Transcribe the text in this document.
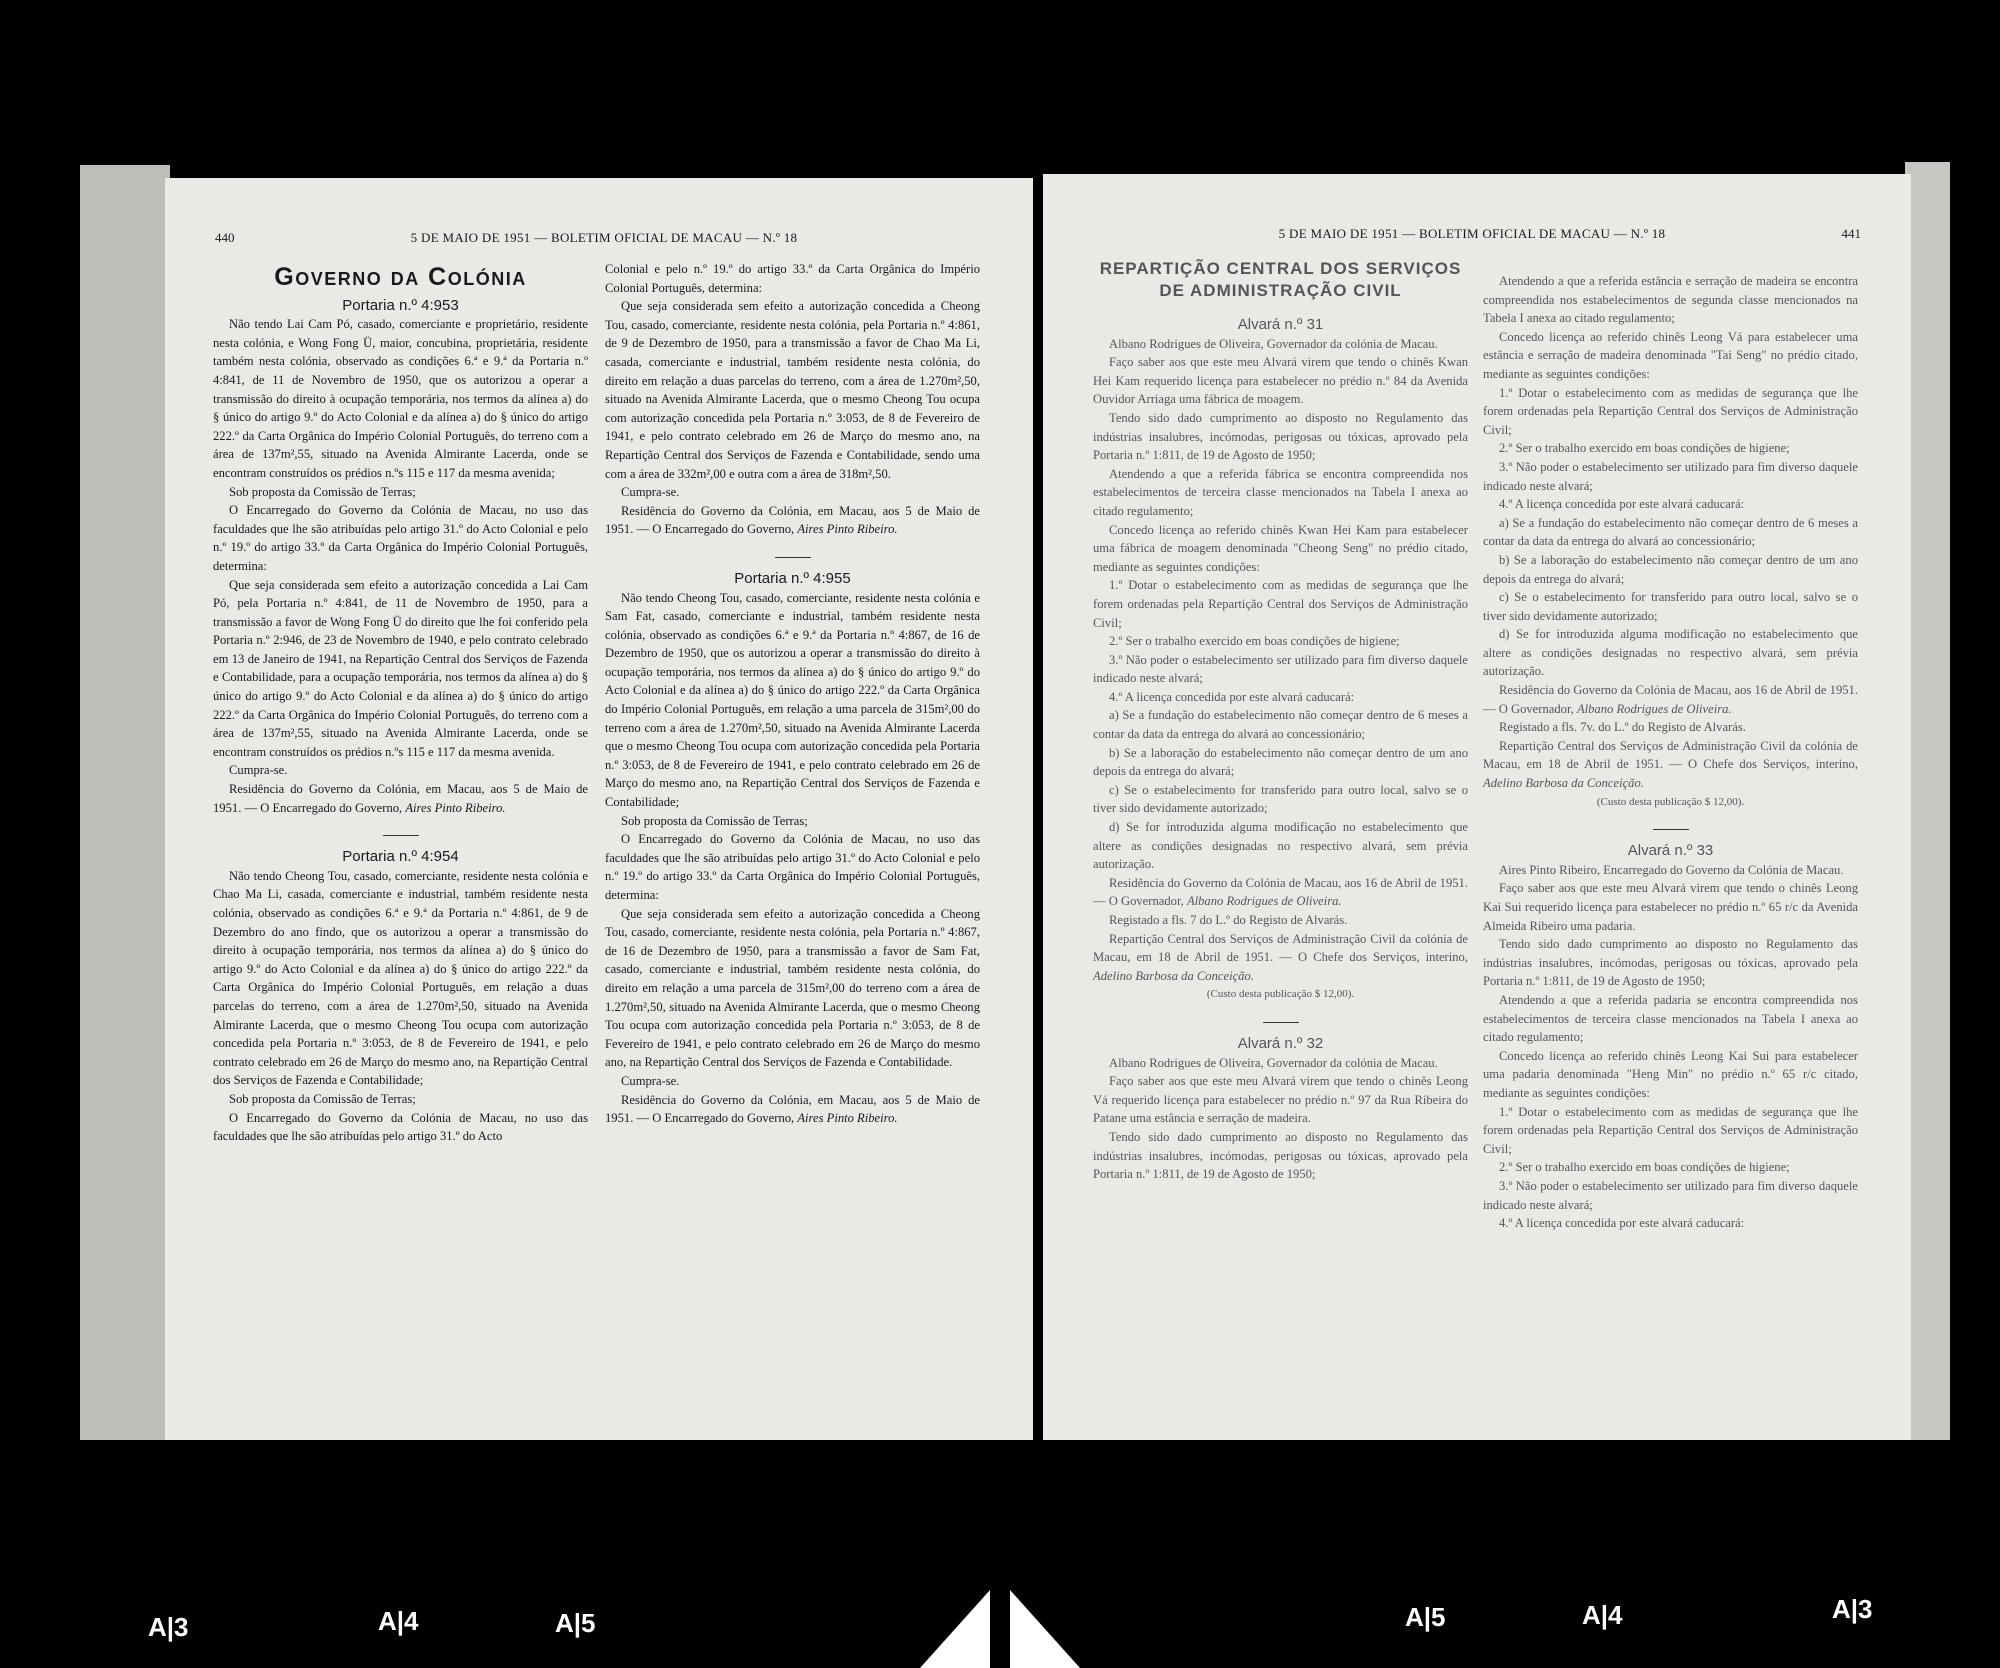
440	5 DE MAIO DE 1951 — BOLETIM OFICIAL DE MACAU — N.º 18
Governo da Colónia

Portaria n.º 4:953

Não tendo Lai Cam Pó, casado, comerciante e proprietário, residente nesta colónia, e Wong Fong Ü, maior, concubina, proprietária, residente também nesta colónia, observado as condições 6.ª e 9.ª da Portaria n.º 4:841, de 11 de Novembro de 1950, que os autorizou a operar a transmissão do direito à ocupação temporária, nos termos da alínea a) do § único do artigo 9.º do Acto Colonial e da alínea a) do § único do artigo 222.º da Carta Orgânica do Império Colonial Português, do terreno com a área de 137m²,55, situado na Avenida Almirante Lacerda, onde se encontram construídos os prédios n.ºs 115 e 117 da mesma avenida;

Sob proposta da Comissão de Terras;

O Encarregado do Governo da Colónia de Macau, no uso das faculdades que lhe são atribuídas pelo artigo 31.º do Acto Colonial e pelo n.º 19.º do artigo 33.º da Carta Orgânica do Império Colonial Português, determina:

Que seja considerada sem efeito a autorização concedida a Lai Cam Pó, pela Portaria n.º 4:841, de 11 de Novembro de 1950, para a transmissão a favor de Wong Fong Ü do direito que lhe foi conferido pela Portaria n.º 2:946, de 23 de Novembro de 1940, e pelo contrato celebrado em 13 de Janeiro de 1941, na Repartição Central dos Serviços de Fazenda e Contabilidade, para a ocupação temporária, nos termos da alínea a) do § único do artigo 9.º do Acto Colonial e da alínea a) do § único do artigo 222.º da Carta Orgânica do Império Colonial Português, do terreno com a área de 137m²,55, situado na Avenida Almirante Lacerda, onde se encontram construídos os prédios n.ºs 115 e 117 da mesma avenida.

Cumpra-se.

Residência do Governo da Colónia, em Macau, aos 5 de Maio de 1951. — O Encarregado do Governo, Aires Pinto Ribeiro.

Portaria n.º 4:954

Não tendo Cheong Tou, casado, comerciante, residente nesta colónia e Chao Ma Li, casada, comerciante e industrial, também residente nesta colónia, observado as condições 6.ª e 9.ª da Portaria n.º 4:861, de 9 de Dezembro do ano findo, que os autorizou a operar a transmissão do direito à ocupação temporária, nos termos da alínea a) do § único do artigo 9.º do Acto Colonial e da alínea a) do § único do artigo 222.º da Carta Orgânica do Império Colonial Português, em relação a duas parcelas do terreno, com a área de 1.270m²,50, situado na Avenida Almirante Lacerda, que o mesmo Cheong Tou ocupa com autorização concedida pela Portaria n.º 3:053, de 8 de Fevereiro de 1941, e pelo contrato celebrado em 26 de Março do mesmo ano, na Repartição Central dos Serviços de Fazenda e Contabilidade;

Sob proposta da Comissão de Terras;

O Encarregado do Governo da Colónia de Macau, no uso das faculdades que lhe são atribuídas pelo artigo 31.º do Acto

Colonial e pelo n.º 19.º do artigo 33.º da Carta Orgânica do Império Colonial Português, determina:

Que seja considerada sem efeito a autorização concedida a Cheong Tou, casado, comerciante, residente nesta colónia, pela Portaria n.º 4:861, de 9 de Dezembro de 1950, para a transmissão a favor de Chao Ma Li, casada, comerciante e industrial, também residente nesta colónia, do direito em relação a duas parcelas do terreno, com a área de 1.270m²,50, situado na Avenida Almirante Lacerda, que o mesmo Cheong Tou ocupa com autorização concedida pela Portaria n.º 3:053, de 8 de Fevereiro de 1941, e pelo contrato celebrado em 26 de Março do mesmo ano, na Repartição Central dos Serviços de Fazenda e Contabilidade, sendo uma com a área de 332m²,00 e outra com a área de 318m²,50.

Cumpra-se.

Residência do Governo da Colónia, em Macau, aos 5 de Maio de 1951. — O Encarregado do Governo, Aires Pinto Ribeiro.

Portaria n.º 4:955

Não tendo Cheong Tou, casado, comerciante, residente nesta colónia e Sam Fat, casado, comerciante e industrial, também residente nesta colónia, observado as condições 6.ª e 9.ª da Portaria n.º 4:867, de 16 de Dezembro de 1950, que os autorizou a operar a transmissão do direito à ocupação temporária, nos termos da alínea a) do § único do artigo 9.º do Acto Colonial e da alínea a) do § único do artigo 222.º da Carta Orgânica do Império Colonial Português, em relação a uma parcela de 315m²,00 do terreno com a área de 1.270m²,50, situado na Avenida Almirante Lacerda que o mesmo Cheong Tou ocupa com autorização concedida pela Portaria n.º 3:053, de 8 de Fevereiro de 1941, e pelo contrato celebrado em 26 de Março do mesmo ano, na Repartição Central dos Serviços de Fazenda e Contabilidade;

Sob proposta da Comissão de Terras;

O Encarregado do Governo da Colónia de Macau, no uso das faculdades que lhe são atribuídas pelo artigo 31.º do Acto Colonial e pelo n.º 19.º do artigo 33.º da Carta Orgânica do Império Colonial Português, determina:

Que seja considerada sem efeito a autorização concedida a Cheong Tou, casado, comerciante, residente nesta colónia, pela Portaria n.º 4:867, de 16 de Dezembro de 1950, para a transmissão a favor de Sam Fat, casado, comerciante e industrial, também residente nesta colónia, do direito em relação a uma parcela de 315m²,00 do terreno com a área de 1.270m²,50, situado na Avenida Almirante Lacerda, que o mesmo Cheong Tou ocupa com autorização concedida pela Portaria n.º 3:053, de 8 de Fevereiro de 1941, e pelo contrato celebrado em 26 de Março do mesmo ano, na Repartição Central dos Serviços de Fazenda e Contabilidade.

Cumpra-se.

Residência do Governo da Colónia, em Macau, aos 5 de Maio de 1951. — O Encarregado do Governo, Aires Pinto Ribeiro.

5 DE MAIO DE 1951 — BOLETIM OFICIAL DE MACAU — N.º 18	441
REPARTIÇÃO CENTRAL DOS SERVIÇOS
DE ADMINISTRAÇÃO CIVIL

Alvará n.º 31

Albano Rodrigues de Oliveira, Governador da colónia de Macau.

Faço saber aos que este meu Alvará virem que tendo o chinês Kwan Hei Kam requerido licença para estabelecer no prédio n.º 84 da Avenida Ouvidor Arriaga uma fábrica de moagem.

Tendo sido dado cumprimento ao disposto no Regulamento das indústrias insalubres, incómodas, perigosas ou tóxicas, aprovado pela Portaria n.º 1:811, de 19 de Agosto de 1950;

Atendendo a que a referida fábrica se encontra compreendida nos estabelecimentos de terceira classe mencionados na Tabela I anexa ao citado regulamento;

Concedo licença ao referido chinês Kwan Hei Kam para estabelecer uma fábrica de moagem denominada "Cheong Seng" no prédio citado, mediante as seguintes condições:

1.º Dotar o estabelecimento com as medidas de segurança que lhe forem ordenadas pela Repartição Central dos Serviços de Administração Civil;

2.º Ser o trabalho exercido em boas condições de higiene;

3.º Não poder o estabelecimento ser utilizado para fim diverso daquele indicado neste alvará;

4.º A licença concedida por este alvará caducará:

a) Se a fundação do estabelecimento não começar dentro de 6 meses a contar da data da entrega do alvará ao concessionário;

b) Se a laboração do estabelecimento não começar dentro de um ano depois da entrega do alvará;

c) Se o estabelecimento for transferido para outro local, salvo se o tiver sido devidamente autorizado;

d) Se for introduzida alguma modificação no estabelecimento que altere as condições designadas no respectivo alvará, sem prévia autorização.

Residência do Governo da Colónia de Macau, aos 16 de Abril de 1951. — O Governador, Albano Rodrigues de Oliveira.

Registado a fls. 7 do L.º do Registo de Alvarás.

Repartição Central dos Serviços de Administração Civil da colónia de Macau, em 18 de Abril de 1951. — O Chefe dos Serviços, interino, Adelino Barbosa da Conceição.

(Custo desta publicação $ 12,00).

Alvará n.º 32

Albano Rodrigues de Oliveira, Governador da colónia de Macau.

Faço saber aos que este meu Alvará virem que tendo o chinês Leong Vá requerido licença para estabelecer no prédio n.º 97 da Rua Ribeira do Patane uma estância e serração de madeira.

Tendo sido dado cumprimento ao disposto no Regulamento das indústrias insalubres, incómodas, perigosas ou tóxicas, aprovado pela Portaria n.º 1:811, de 19 de Agosto de 1950;

Atendendo a que a referida estância e serração de madeira se encontra compreendida nos estabelecimentos de segunda classe mencionados na Tabela I anexa ao citado regulamento;

Concedo licença ao referido chinês Leong Vá para estabelecer uma estância e serração de madeira denominada "Tai Seng" no prédio citado, mediante as seguintes condições:

1.º Dotar o estabelecimento com as medidas de segurança que lhe forem ordenadas pela Repartição Central dos Serviços de Administração Civil;

2.º Ser o trabalho exercido em boas condições de higiene;

3.º Não poder o estabelecimento ser utilizado para fim diverso daquele indicado neste alvará;

4.º A licença concedida por este alvará caducará:

a) Se a fundação do estabelecimento não começar dentro de 6 meses a contar da data da entrega do alvará ao concessionário;

b) Se a laboração do estabelecimento não começar dentro de um ano depois da entrega do alvará;

c) Se o estabelecimento for transferido para outro local, salvo se o tiver sido devidamente autorizado;

d) Se for introduzida alguma modificação no estabelecimento que altere as condições designadas no respectivo alvará, sem prévia autorização.

Residência do Governo da Colónia de Macau, aos 16 de Abril de 1951. — O Governador, Albano Rodrigues de Oliveira.

Registado a fls. 7v. do L.º do Registo de Alvarás.

Repartição Central dos Serviços de Administração Civil da colónia de Macau, em 18 de Abril de 1951. — O Chefe dos Serviços, interino, Adelino Barbosa da Conceição.

(Custo desta publicação $ 12,00).

Alvará n.º 33

Aires Pinto Ribeiro, Encarregado do Governo da Colónia de Macau.

Faço saber aos que este meu Alvará virem que tendo o chinês Leong Kai Sui requerido licença para estabelecer no prédio n.º 65 r/c da Avenida Almeida Ribeiro uma padaria.

Tendo sido dado cumprimento ao disposto no Regulamento das indústrias insalubres, incómodas, perigosas ou tóxicas, aprovado pela Portaria n.º 1:811, de 19 de Agosto de 1950;

Atendendo a que a referida padaria se encontra compreendida nos estabelecimentos de terceira classe mencionados na Tabela I anexa ao citado regulamento;

Concedo licença ao referido chinês Leong Kai Sui para estabelecer uma padaria denominada "Heng Min" no prédio n.º 65 r/c citado, mediante as seguintes condições:

1.º Dotar o estabelecimento com as medidas de segurança que lhe forem ordenadas pela Repartição Central dos Serviços de Administração Civil;

2.º Ser o trabalho exercido em boas condições de higiene;

3.º Não poder o estabelecimento ser utilizado para fim diverso daquele indicado neste alvará;

4.º A licença concedida por este alvará caducará:

A|3	A|4	A|5	A|5	A|4	A|3
